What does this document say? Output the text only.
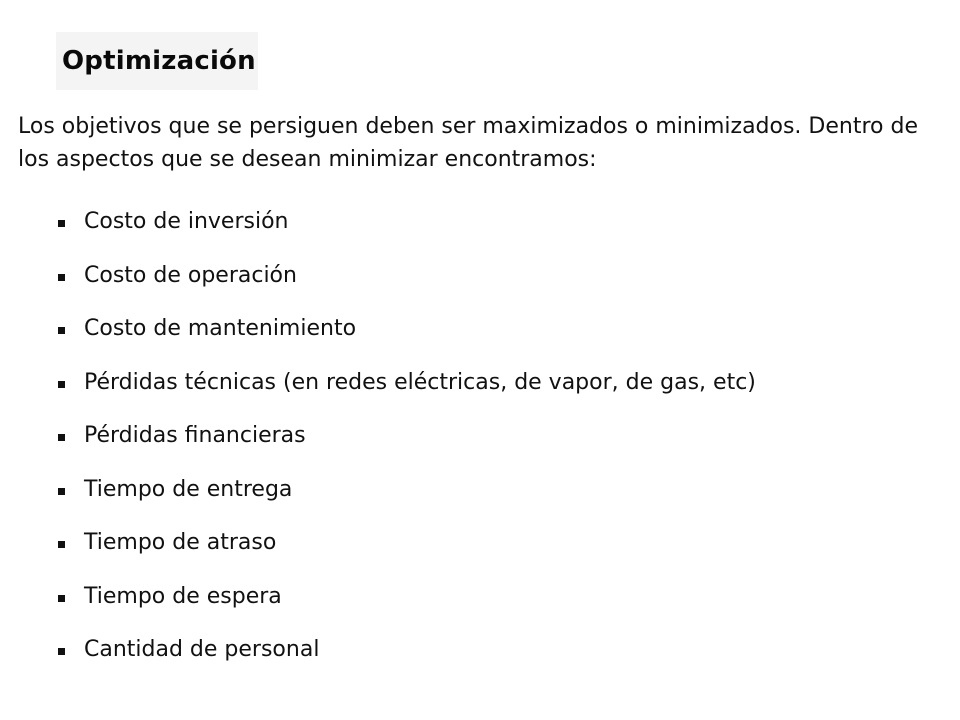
Optimización

Los objetivos que se persiguen deben ser maximizados o minimizados. Dentro de los aspectos que se desean minimizar encontramos:

Costo de inversión
Costo de operación
Costo de mantenimiento
Pérdidas técnicas (en redes eléctricas, de vapor, de gas, etc)
Pérdidas financieras
Tiempo de entrega
Tiempo de atraso
Tiempo de espera
Cantidad de personal
